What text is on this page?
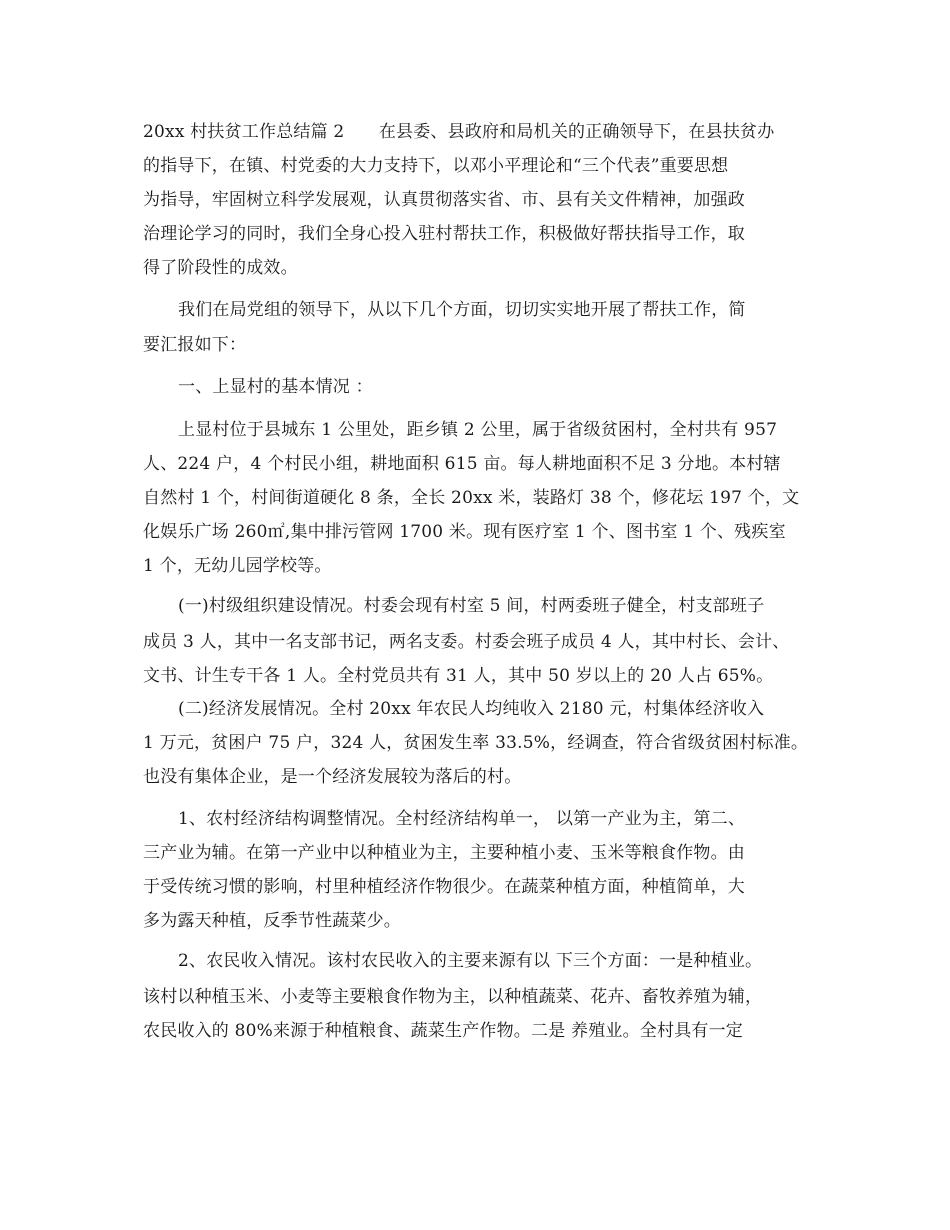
20xx 村扶贫工作总结篇 2　　在县委、县政府和局机关的正确领导下，在县扶贫办
的指导下，在镇、村党委的大力支持下，以邓小平理论和“三个代表”重要思想
为指导，牢固树立科学发展观，认真贯彻落实省、市、县有关文件精神，加强政
治理论学习的同时，我们全身心投入驻村帮扶工作，积极做好帮扶指导工作，取
得了阶段性的成效。
我们在局党组的领导下，从以下几个方面，切切实实地开展了帮扶工作，简
要汇报如下：
一、上显村的基本情况 ：
上显村位于县城东 1 公里处，距乡镇 2 公里，属于省级贫困村，全村共有 957
人、224 户，4 个村民小组，耕地面积 615 亩。每人耕地面积不足 3 分地。本村辖
自然村 1 个，村间街道硬化 8 条，全长 20xx 米，装路灯 38 个，修花坛 197 个，文
化娱乐广场 260㎡,集中排污管网 1700 米。现有医疗室 1 个、图书室 1 个、残疾室
1 个，无幼儿园学校等。
(一)村级组织建设情况。村委会现有村室 5 间，村两委班子健全，村支部班子
成员 3 人，其中一名支部书记，两名支委。村委会班子成员 4 人，其中村长、会计、
文书、计生专干各 1 人。全村党员共有 31 人，其中 50 岁以上的 20 人占 65%。
(二)经济发展情况。全村 20xx 年农民人均纯收入 2180 元，村集体经济收入
1 万元，贫困户 75 户，324 人，贫困发生率 33.5%，经调查，符合省级贫困村标准。
也没有集体企业，是一个经济发展较为落后的村。
1、农村经济结构调整情况。全村经济结构单一， 以第一产业为主，第二、
三产业为辅。在第一产业中以种植业为主，主要种植小麦、玉米等粮食作物。由
于受传统习惯的影响，村里种植经济作物很少。在蔬菜种植方面，种植简单，大
多为露天种植，反季节性蔬菜少。
2、农民收入情况。该村农民收入的主要来源有以 下三个方面：一是种植业。
该村以种植玉米、小麦等主要粮食作物为主，以种植蔬菜、花卉、畜牧养殖为辅，
农民收入的 80%来源于种植粮食、蔬菜生产作物。二是 养殖业。全村具有一定
